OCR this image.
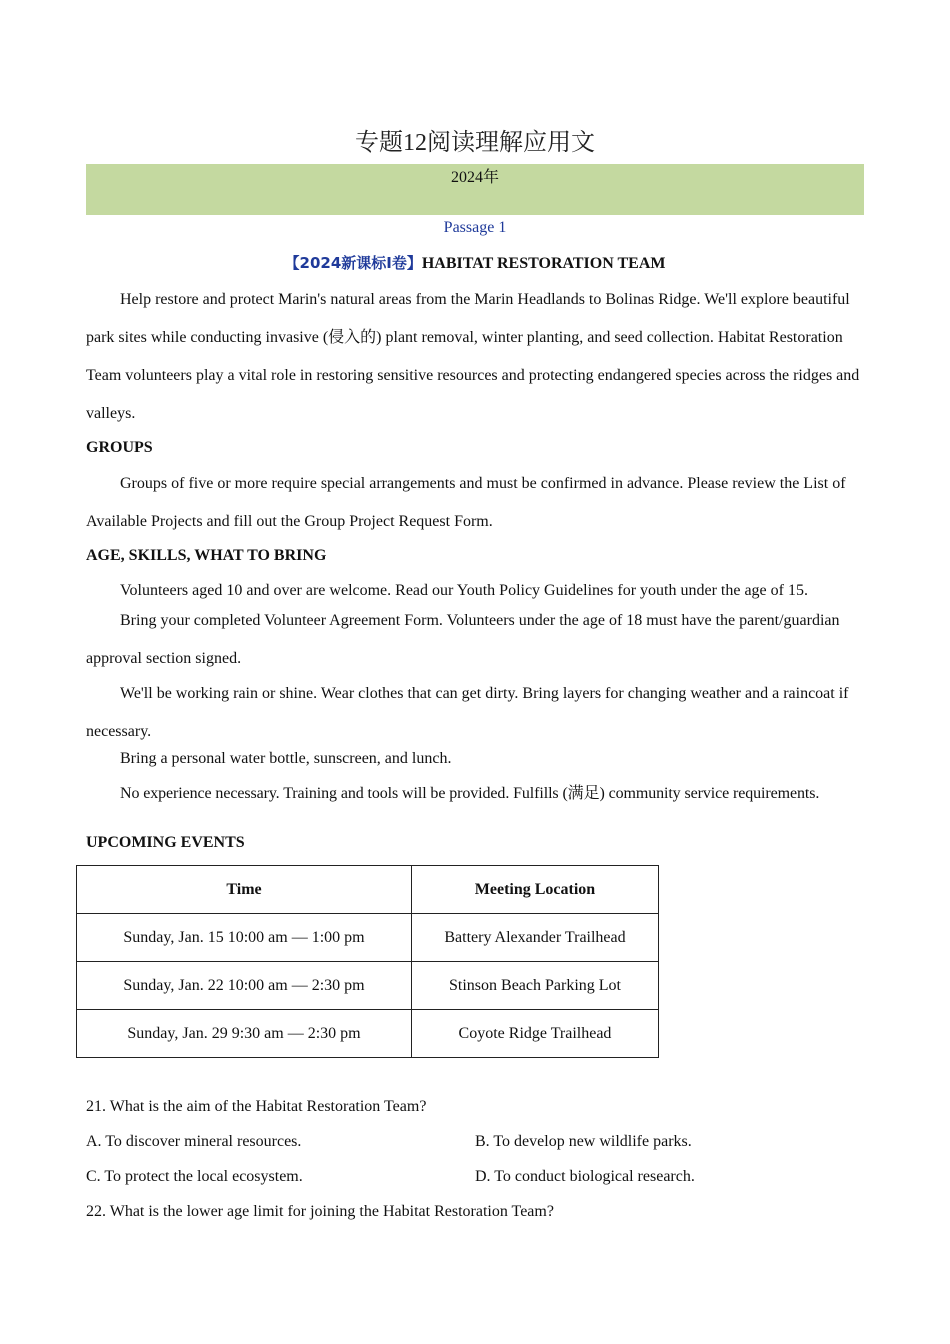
专题12阅读理解应用文
2024年
Passage 1
【2024新课标Ⅰ卷】HABITAT RESTORATION TEAM

Help restore and protect Marin's natural areas from the Marin Headlands to Bolinas Ridge. We'll explore beautiful park sites while conducting invasive (侵入的) plant removal, winter planting, and seed collection. Habitat Restoration Team volunteers play a vital role in restoring sensitive resources and protecting endangered species across the ridges and valleys.

GROUPS

Groups of five or more require special arrangements and must be confirmed in advance. Please review the List of Available Projects and fill out the Group Project Request Form.

AGE, SKILLS, WHAT TO BRING

Volunteers aged 10 and over are welcome. Read our Youth Policy Guidelines for youth under the age of 15.

Bring your completed Volunteer Agreement Form. Volunteers under the age of 18 must have the parent/guardian approval section signed.

We'll be working rain or shine. Wear clothes that can get dirty. Bring layers for changing weather and a raincoat if necessary.

Bring a personal water bottle, sunscreen, and lunch.

No experience necessary. Training and tools will be provided. Fulfills (满足) community service requirements.

UPCOMING EVENTS

Time	Meeting Location
Sunday, Jan. 15 10:00 am — 1:00 pm	Battery Alexander Trailhead
Sunday, Jan. 22 10:00 am — 2:30 pm	Stinson Beach Parking Lot
Sunday, Jan. 29 9:30 am — 2:30 pm	Coyote Ridge Trailhead
21. What is the aim of the Habitat Restoration Team?
A. To discover mineral resources.	B. To develop new wildlife parks.
C. To protect the local ecosystem.	D. To conduct biological research.
22. What is the lower age limit for joining the Habitat Restoration Team?
